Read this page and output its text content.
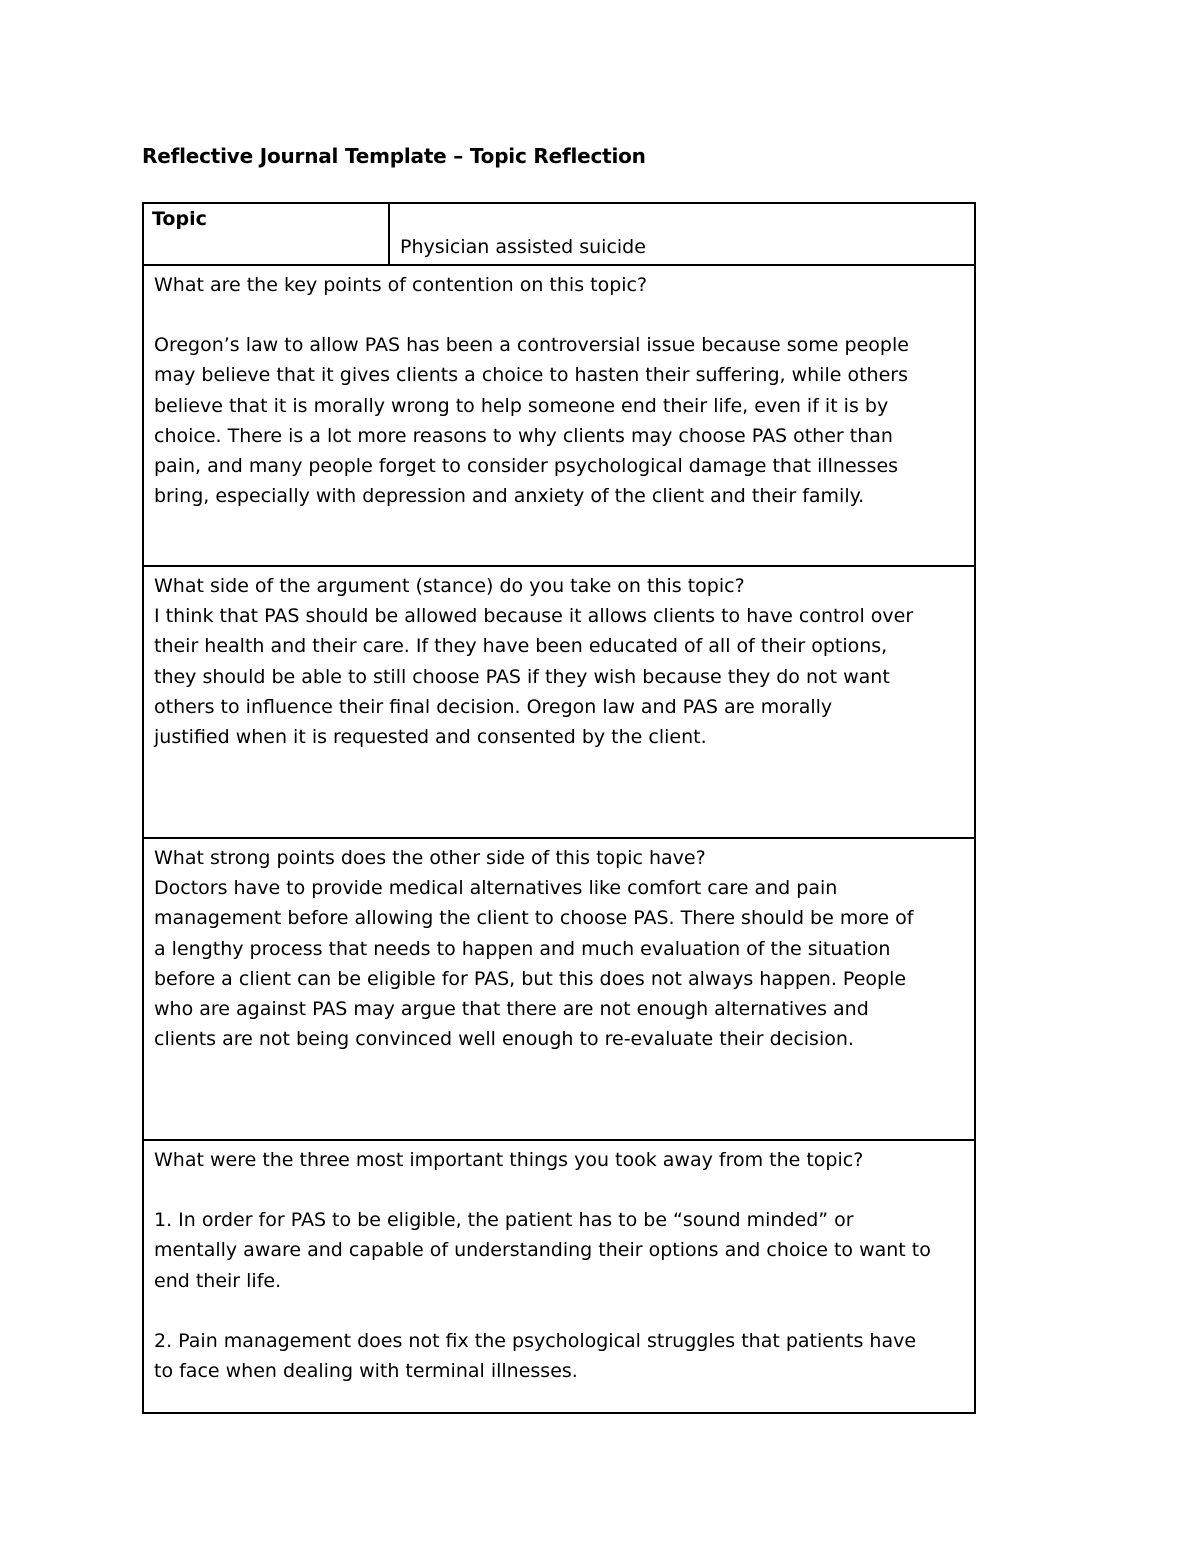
Reflective Journal Template – Topic Reflection
Topic
Physician assisted suicide

What are the key points of contention on this topic?

Oregon’s law to allow PAS has been a controversial issue because some people

may believe that it gives clients a choice to hasten their suffering, while others

believe that it is morally wrong to help someone end their life, even if it is by

choice. There is a lot more reasons to why clients may choose PAS other than

pain, and many people forget to consider psychological damage that illnesses

bring, especially with depression and anxiety of the client and their family.

What side of the argument (stance) do you take on this topic?

I think that PAS should be allowed because it allows clients to have control over

their health and their care. If they have been educated of all of their options,

they should be able to still choose PAS if they wish because they do not want

others to influence their final decision. Oregon law and PAS are morally

justified when it is requested and consented by the client.

What strong points does the other side of this topic have?

Doctors have to provide medical alternatives like comfort care and pain

management before allowing the client to choose PAS. There should be more of

a lengthy process that needs to happen and much evaluation of the situation

before a client can be eligible for PAS, but this does not always happen. People

who are against PAS may argue that there are not enough alternatives and

clients are not being convinced well enough to re-evaluate their decision.

What were the three most important things you took away from the topic?

1. In order for PAS to be eligible, the patient has to be “sound minded” or

mentally aware and capable of understanding their options and choice to want to

end their life.

2. Pain management does not fix the psychological struggles that patients have

to face when dealing with terminal illnesses.
